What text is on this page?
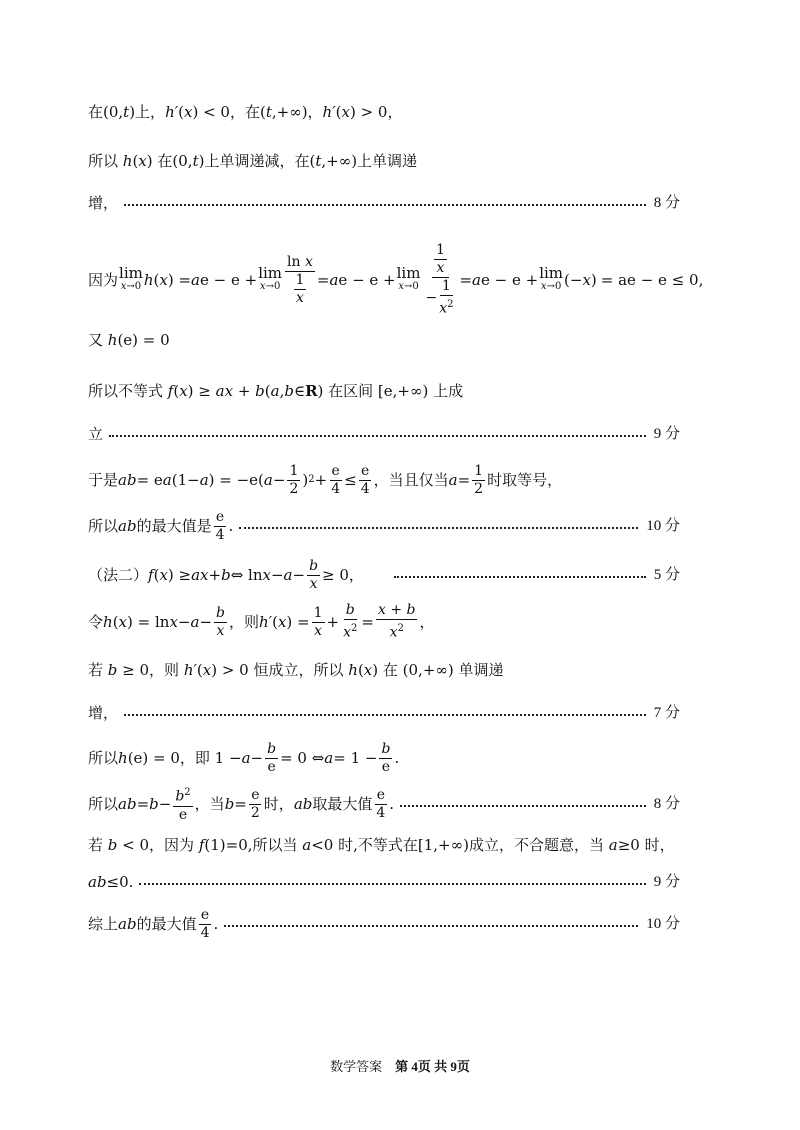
在(0,t)上，h′(x) < 0，在(t,+∞)，h′(x) > 0，
所以 h(x) 在(0,t)上单调递减，在(t,+∞)上单调递
增，	8 分
因为 lim
x→0 h ( x ) = a e − e + lim
$x\to 0 \frac{\text{ln x}}{\frac{1}{x}} = a$ e − e + lim
$x\to 0 \frac{\frac{1}{x}}{- \frac{1}{x^2}} = a$ e − e + lim
x→0 (− x ) = ae − e ≤ 0,
又 h(e) = 0
所以不等式 f(x) ≥ ax + b(a,b∈R) 在区间 [e,+∞) 上成
立	9 分
于是 ab = e a (1− a ) = −e( $a - \frac{1}{2}$ ) $2 + \frac{e}{4} \le \frac{e}{4}$ ，当且仅当 $a = \frac{1}{2}$ 时取等号，
所以 ab 的最大值是 $\frac{e}{4}$ .	10 分
（法二） f ( x ) ≥ ax + b ⇔ $\ln x - a - \frac{b}{x} \ge 0$，	5 分
令 h ( x ) = $\ln x - a - \frac{b}{x}$ ，则 h′ ( x ) = $\frac{1}{x} + \frac{b}{x^2} = \frac{x + b}{x^2}$ ，
若 b ≥ 0，则 h′(x) > 0 恒成立，所以 h(x) 在 (0,+∞) 单调递
增，	7 分
所以 h (e) = 0，即 $1 - a - \frac{b}{e} = 0$ ⇔ $a = 1 - \frac{b}{e}$ .
所以 ab = $b - \frac{b^2}{e}$ ，当 $b = \frac{e}{2}$ 时， ab 取最大值 $\frac{e}{4}$ .	8 分
若 b < 0，因为 f(1)=0,所以当 a<0 时,不等式在[1,+∞)成立，不合题意，当 a≥0 时，
ab≤0.	9 分
综上 ab 的最大值 $\frac{e}{4}$ .	10 分
数学答案 第 4页 共 9页
